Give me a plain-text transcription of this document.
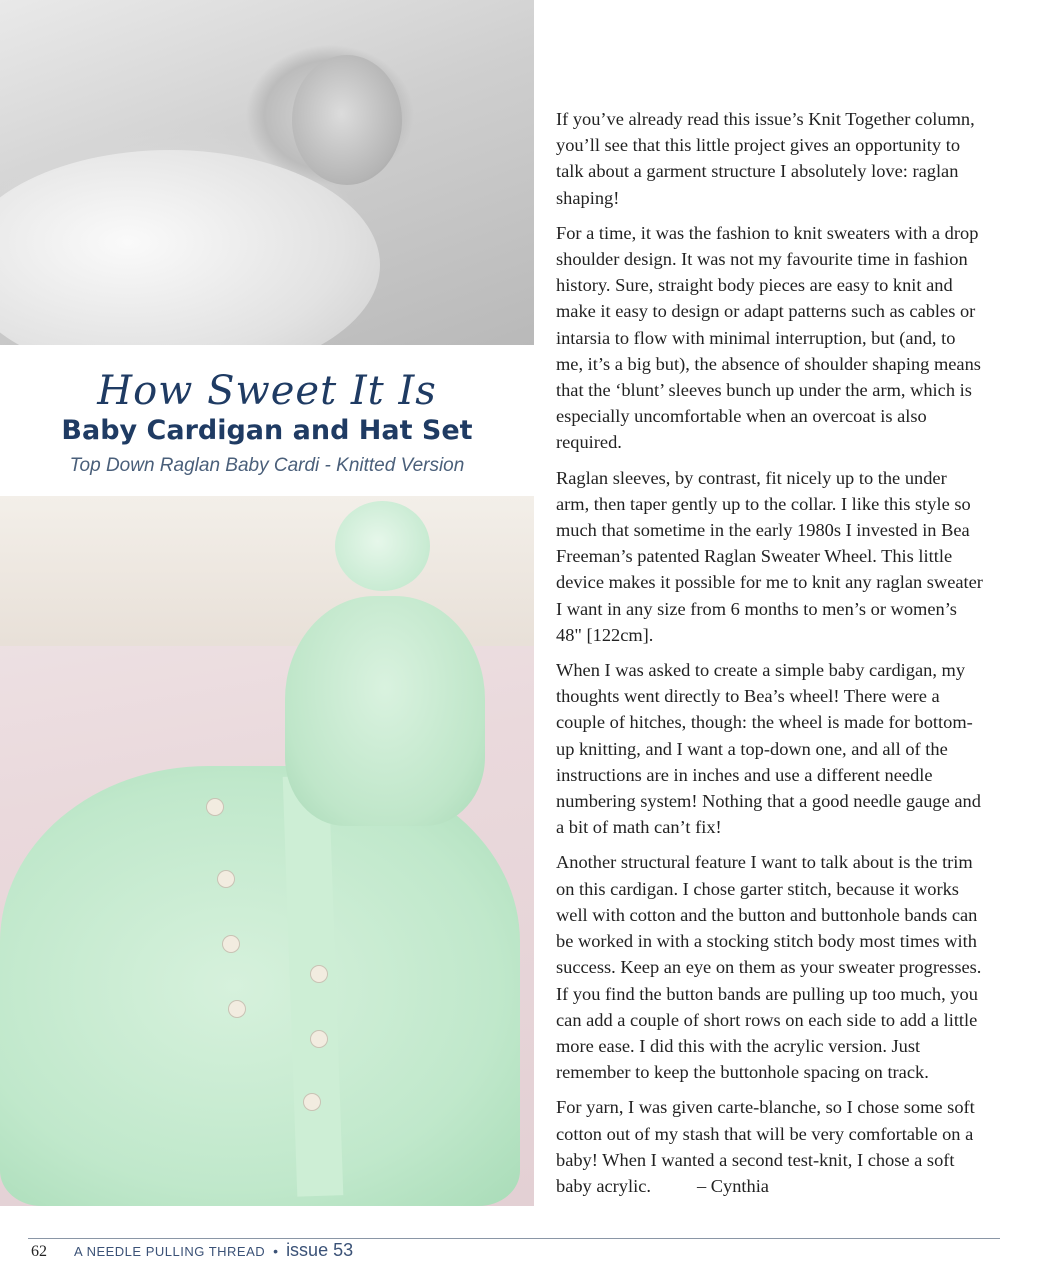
How Sweet It Is
Baby Cardigan and Hat Set
Top Down Raglan Baby Cardi - Knitted Version

If you’ve already read this issue’s Knit Together column, you’ll see that this little project gives an opportunity to talk about a garment structure I absolutely love: raglan shaping!

For a time, it was the fashion to knit sweaters with a drop shoulder design. It was not my favourite time in fashion history. Sure, straight body pieces are easy to knit and make it easy to design or adapt patterns such as cables or intarsia to flow with minimal interruption, but (and, to me, it’s a big but), the absence of shoulder shaping means that the ‘blunt’ sleeves bunch up under the arm, which is especially uncomfortable when an overcoat is also required.

Raglan sleeves, by contrast, fit nicely up to the under arm, then taper gently up to the collar. I like this style so much that sometime in the early 1980s I invested in Bea Freeman’s patented Raglan Sweater Wheel. This little device makes it possible for me to knit any raglan sweater I want in any size from 6 months to men’s or women’s 48" [122cm].

When I was asked to create a simple baby cardigan, my thoughts went directly to Bea’s wheel! There were a couple of hitches, though: the wheel is made for bottom-up knitting, and I want a top-down one, and all of the instructions are in inches and use a different needle numbering system! Nothing that a good needle gauge and a bit of math can’t fix!

Another structural feature I want to talk about is the trim on this cardigan. I chose garter stitch, because it works well with cotton and the button and buttonhole bands can be worked in with a stocking stitch body most times with success. Keep an eye on them as your sweater progresses. If you find the button bands are pulling up too much, you can add a couple of short rows on each side to add a little more ease. I did this with the acrylic version. Just remember to keep the buttonhole spacing on track.

For yarn, I was given carte-blanche, so I chose some soft cotton out of my stash that will be very comfortable on a baby! When I wanted a second test-knit, I chose a soft baby acrylic.          – Cynthia

62 A NEEDLE PULLING THREAD • issue 53
